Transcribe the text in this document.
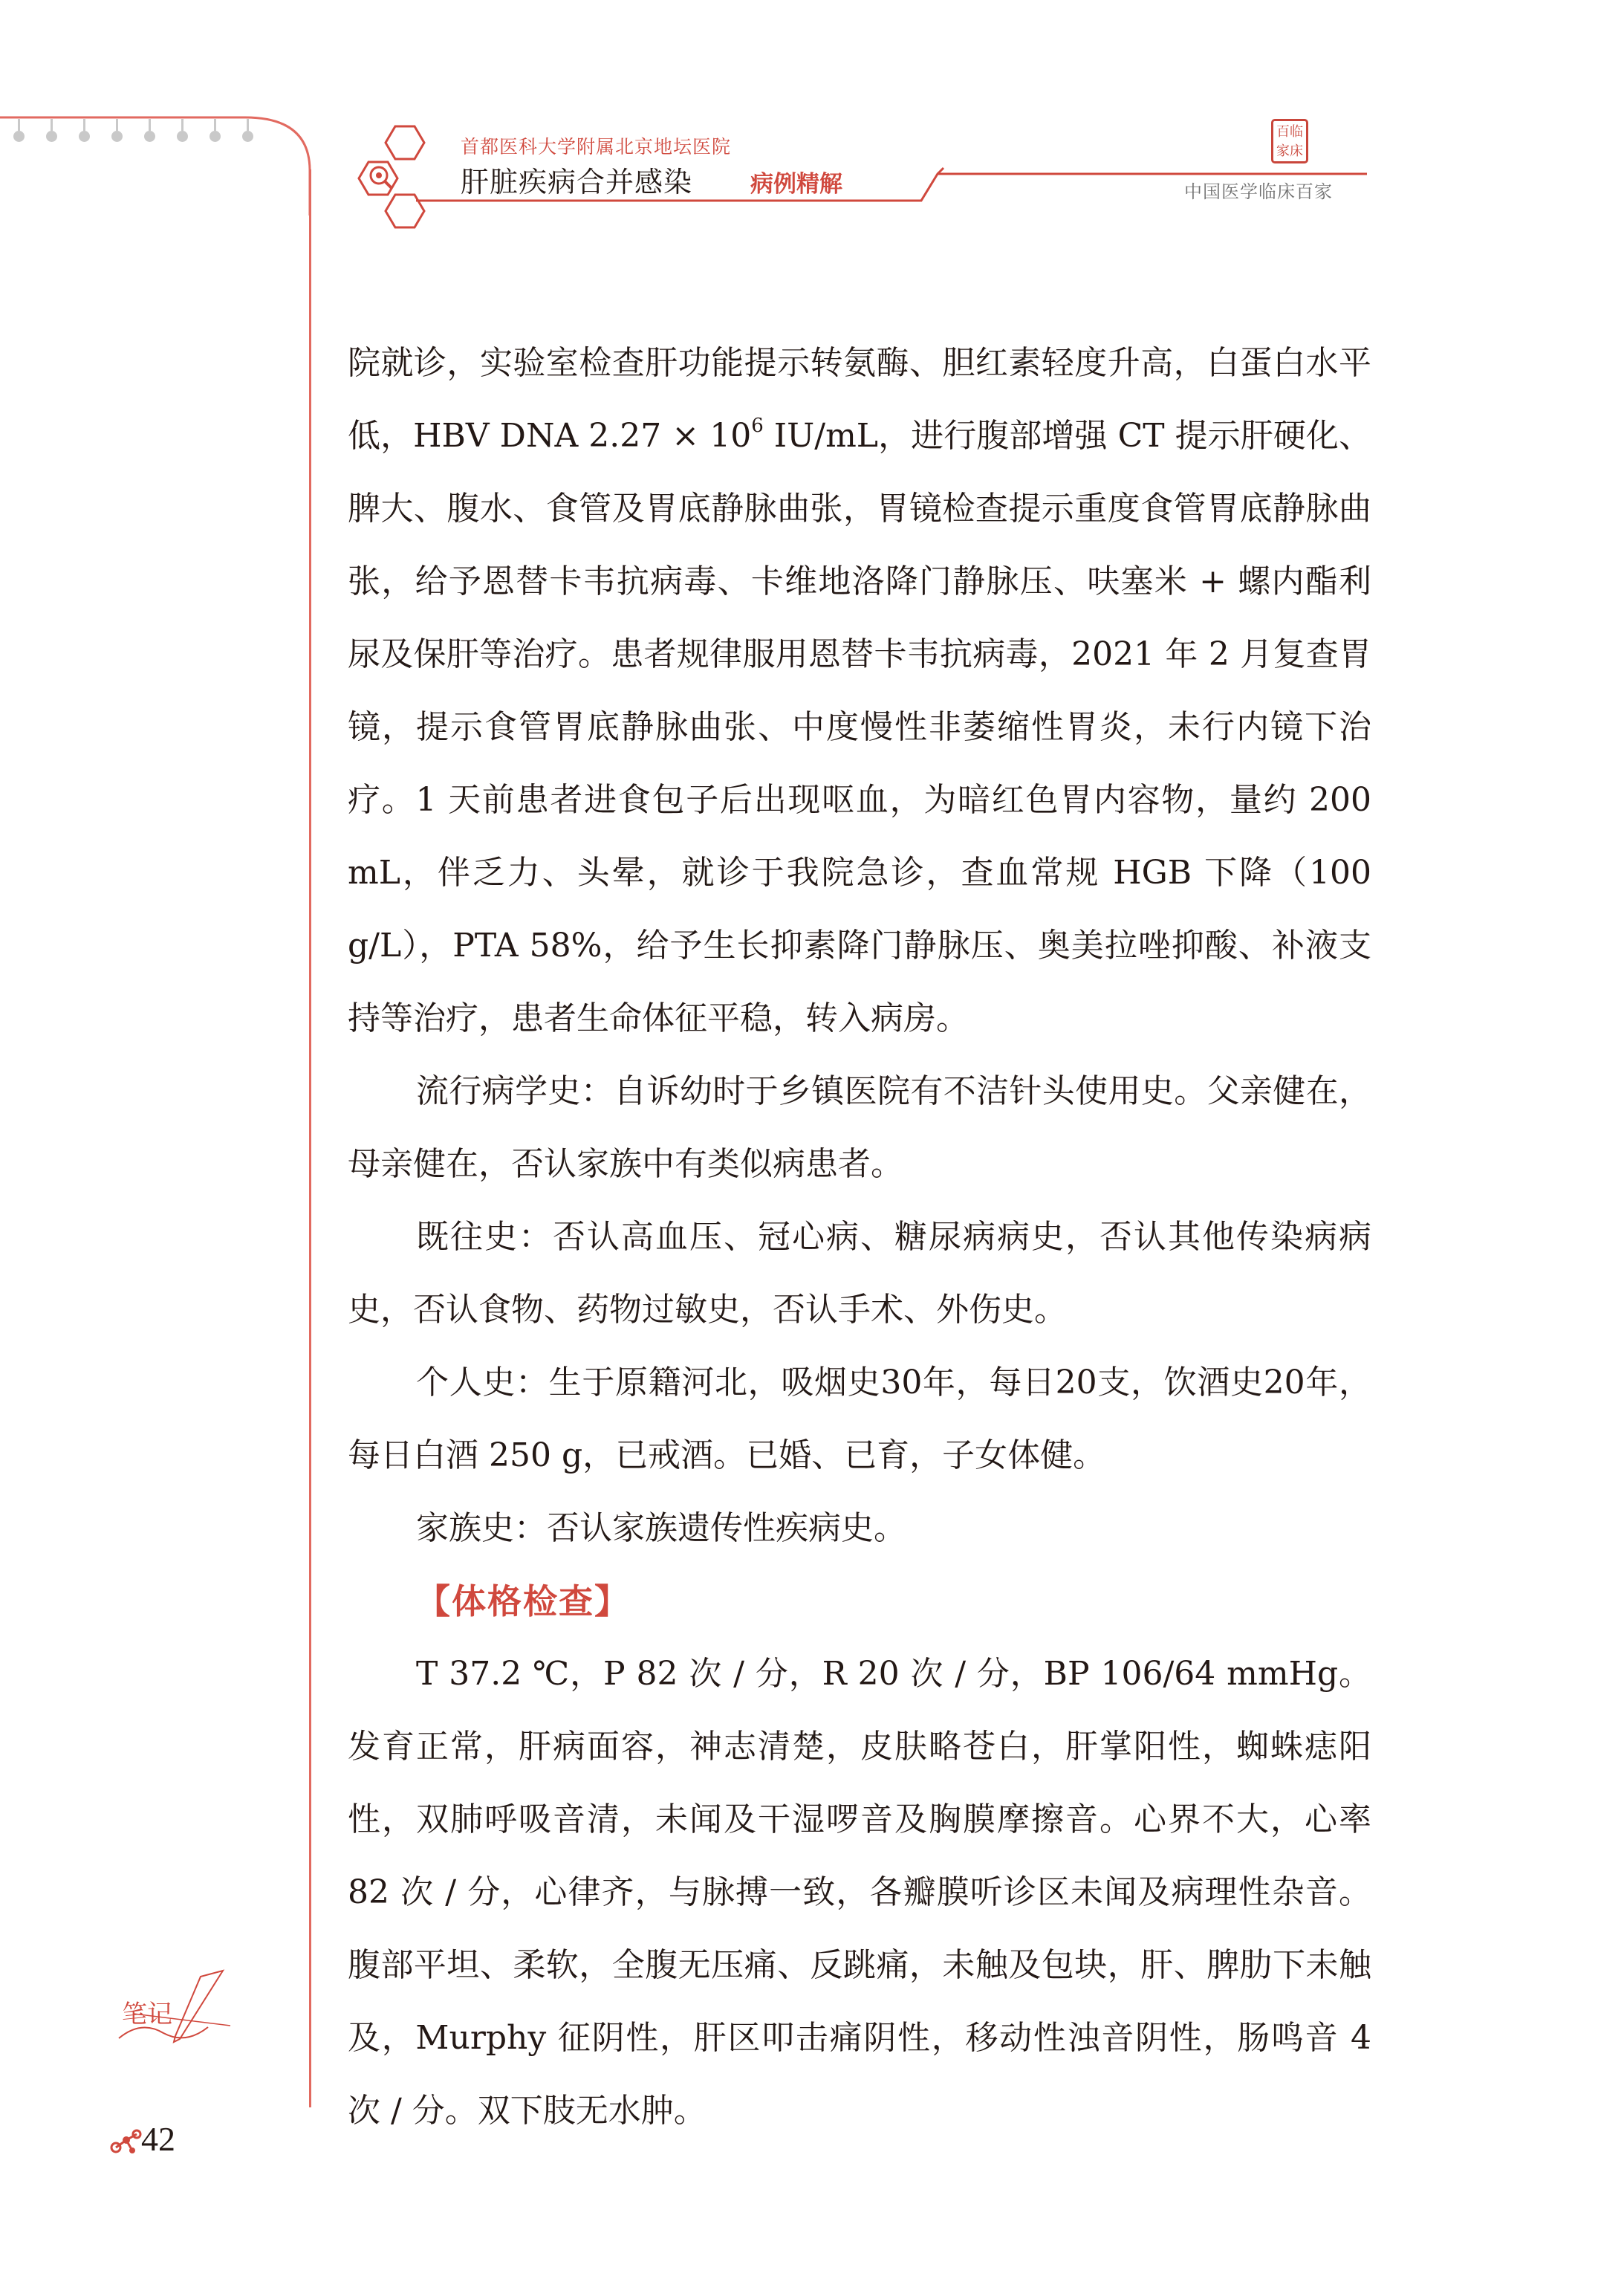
首都医科大学附属北京地坛医院
肝脏疾病合并感染	病例精解
百临
家床
中国医学临床百家

院就诊，实验室检查肝功能提示转氨酶、胆红素轻度升高，白蛋白水平低，HBV DNA $2.27 \times 10^6$ IU/mL，进行腹部增强 CT 提示肝硬化、脾大、腹水、食管及胃底静脉曲张，胃镜检查提示重度食管胃底静脉曲张，给予恩替卡韦抗病毒、卡维地洛降门静脉压、呋塞米 + 螺内酯利尿及保肝等治疗。患者规律服用恩替卡韦抗病毒，2021 年 2 月复查胃镜，提示食管胃底静脉曲张、中度慢性非萎缩性胃炎，未行内镜下治疗。1 天前患者进食包子后出现呕血，为暗红色胃内容物，量约 200 mL，伴乏力、头晕，就诊于我院急诊，查血常规 HGB 下降（100 g/L），PTA 58%，给予生长抑素降门静脉压、奥美拉唑抑酸、补液支持等治疗，患者生命体征平稳，转入病房。

流行病学史：自诉幼时于乡镇医院有不洁针头使用史。父亲健在，母亲健在，否认家族中有类似病患者。

既往史：否认高血压、冠心病、糖尿病病史，否认其他传染病病史，否认食物、药物过敏史，否认手术、外伤史。

个人史：生于原籍河北，吸烟史30年，每日20支，饮酒史20年，每日白酒 250 g，已戒酒。已婚、已育，子女体健。

家族史：否认家族遗传性疾病史。

【体格检查】

T 37.2 ℃，P 82 次 / 分，R 20 次 / 分，BP 106/64 mmHg。发育正常，肝病面容，神志清楚，皮肤略苍白，肝掌阳性，蜘蛛痣阳性，双肺呼吸音清，未闻及干湿啰音及胸膜摩擦音。心界不大，心率 82 次 / 分，心律齐，与脉搏一致，各瓣膜听诊区未闻及病理性杂音。腹部平坦、柔软，全腹无压痛、反跳痛，未触及包块，肝、脾肋下未触及，Murphy 征阴性，肝区叩击痛阴性，移动性浊音阴性，肠鸣音 4 次 / 分。双下肢无水肿。

笔记
42
